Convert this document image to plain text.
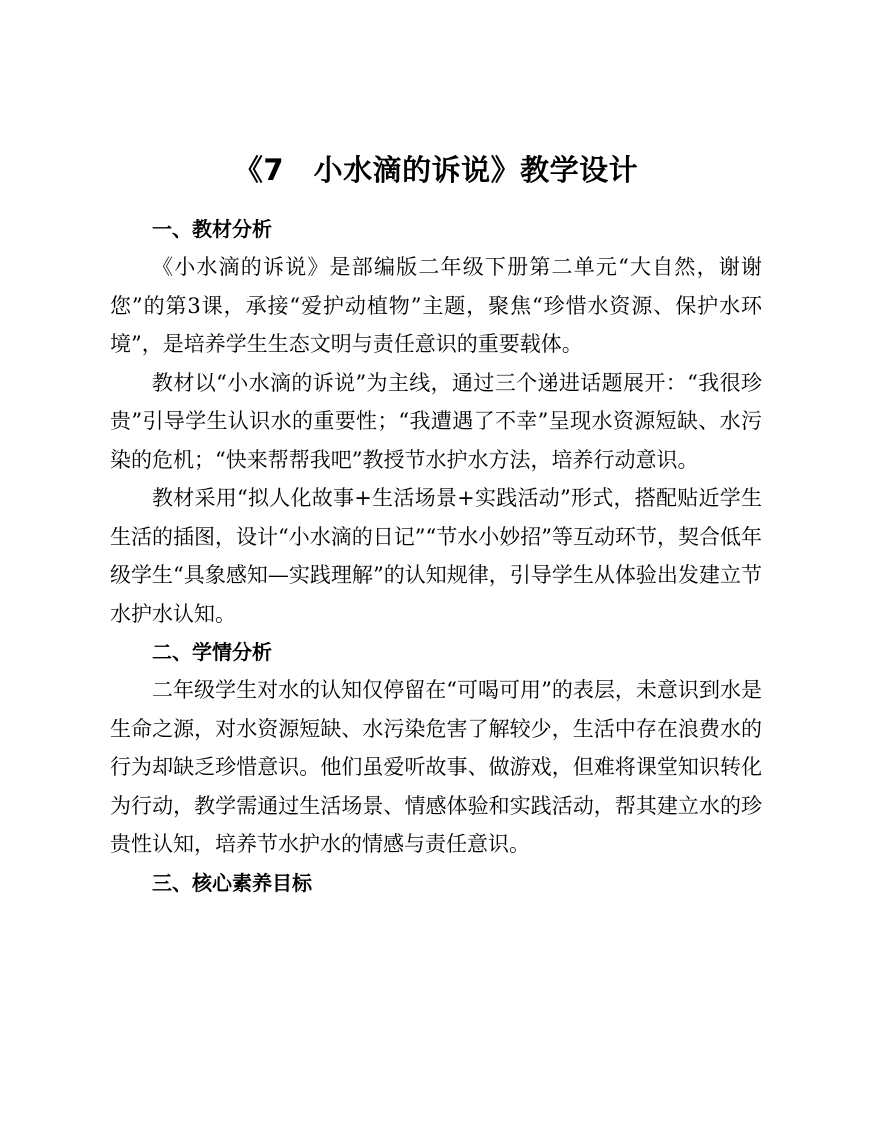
《7　小水滴的诉说》教学设计
一、教材分析

《小水滴的诉说》是部编版二年级下册第二单元“大自然，谢谢您”的第3课，承接“爱护动植物”主题，聚焦“珍惜水资源、保护水环境”，是培养学生生态文明与责任意识的重要载体。

教材以“小水滴的诉说”为主线，通过三个递进话题展开：“我很珍贵”引导学生认识水的重要性；“我遭遇了不幸”呈现水资源短缺、水污染的危机；“快来帮帮我吧”教授节水护水方法，培养行动意识。

教材采用“拟人化故事+生活场景+实践活动”形式，搭配贴近学生生活的插图，设计“小水滴的日记”“节水小妙招”等互动环节，契合低年级学生“具象感知—实践理解”的认知规律，引导学生从体验出发建立节水护水认知。

二、学情分析

二年级学生对水的认知仅停留在“可喝可用”的表层，未意识到水是生命之源，对水资源短缺、水污染危害了解较少，生活中存在浪费水的行为却缺乏珍惜意识。他们虽爱听故事、做游戏，但难将课堂知识转化为行动，教学需通过生活场景、情感体验和实践活动，帮其建立水的珍贵性认知，培养节水护水的情感与责任意识。

三、核心素养目标
